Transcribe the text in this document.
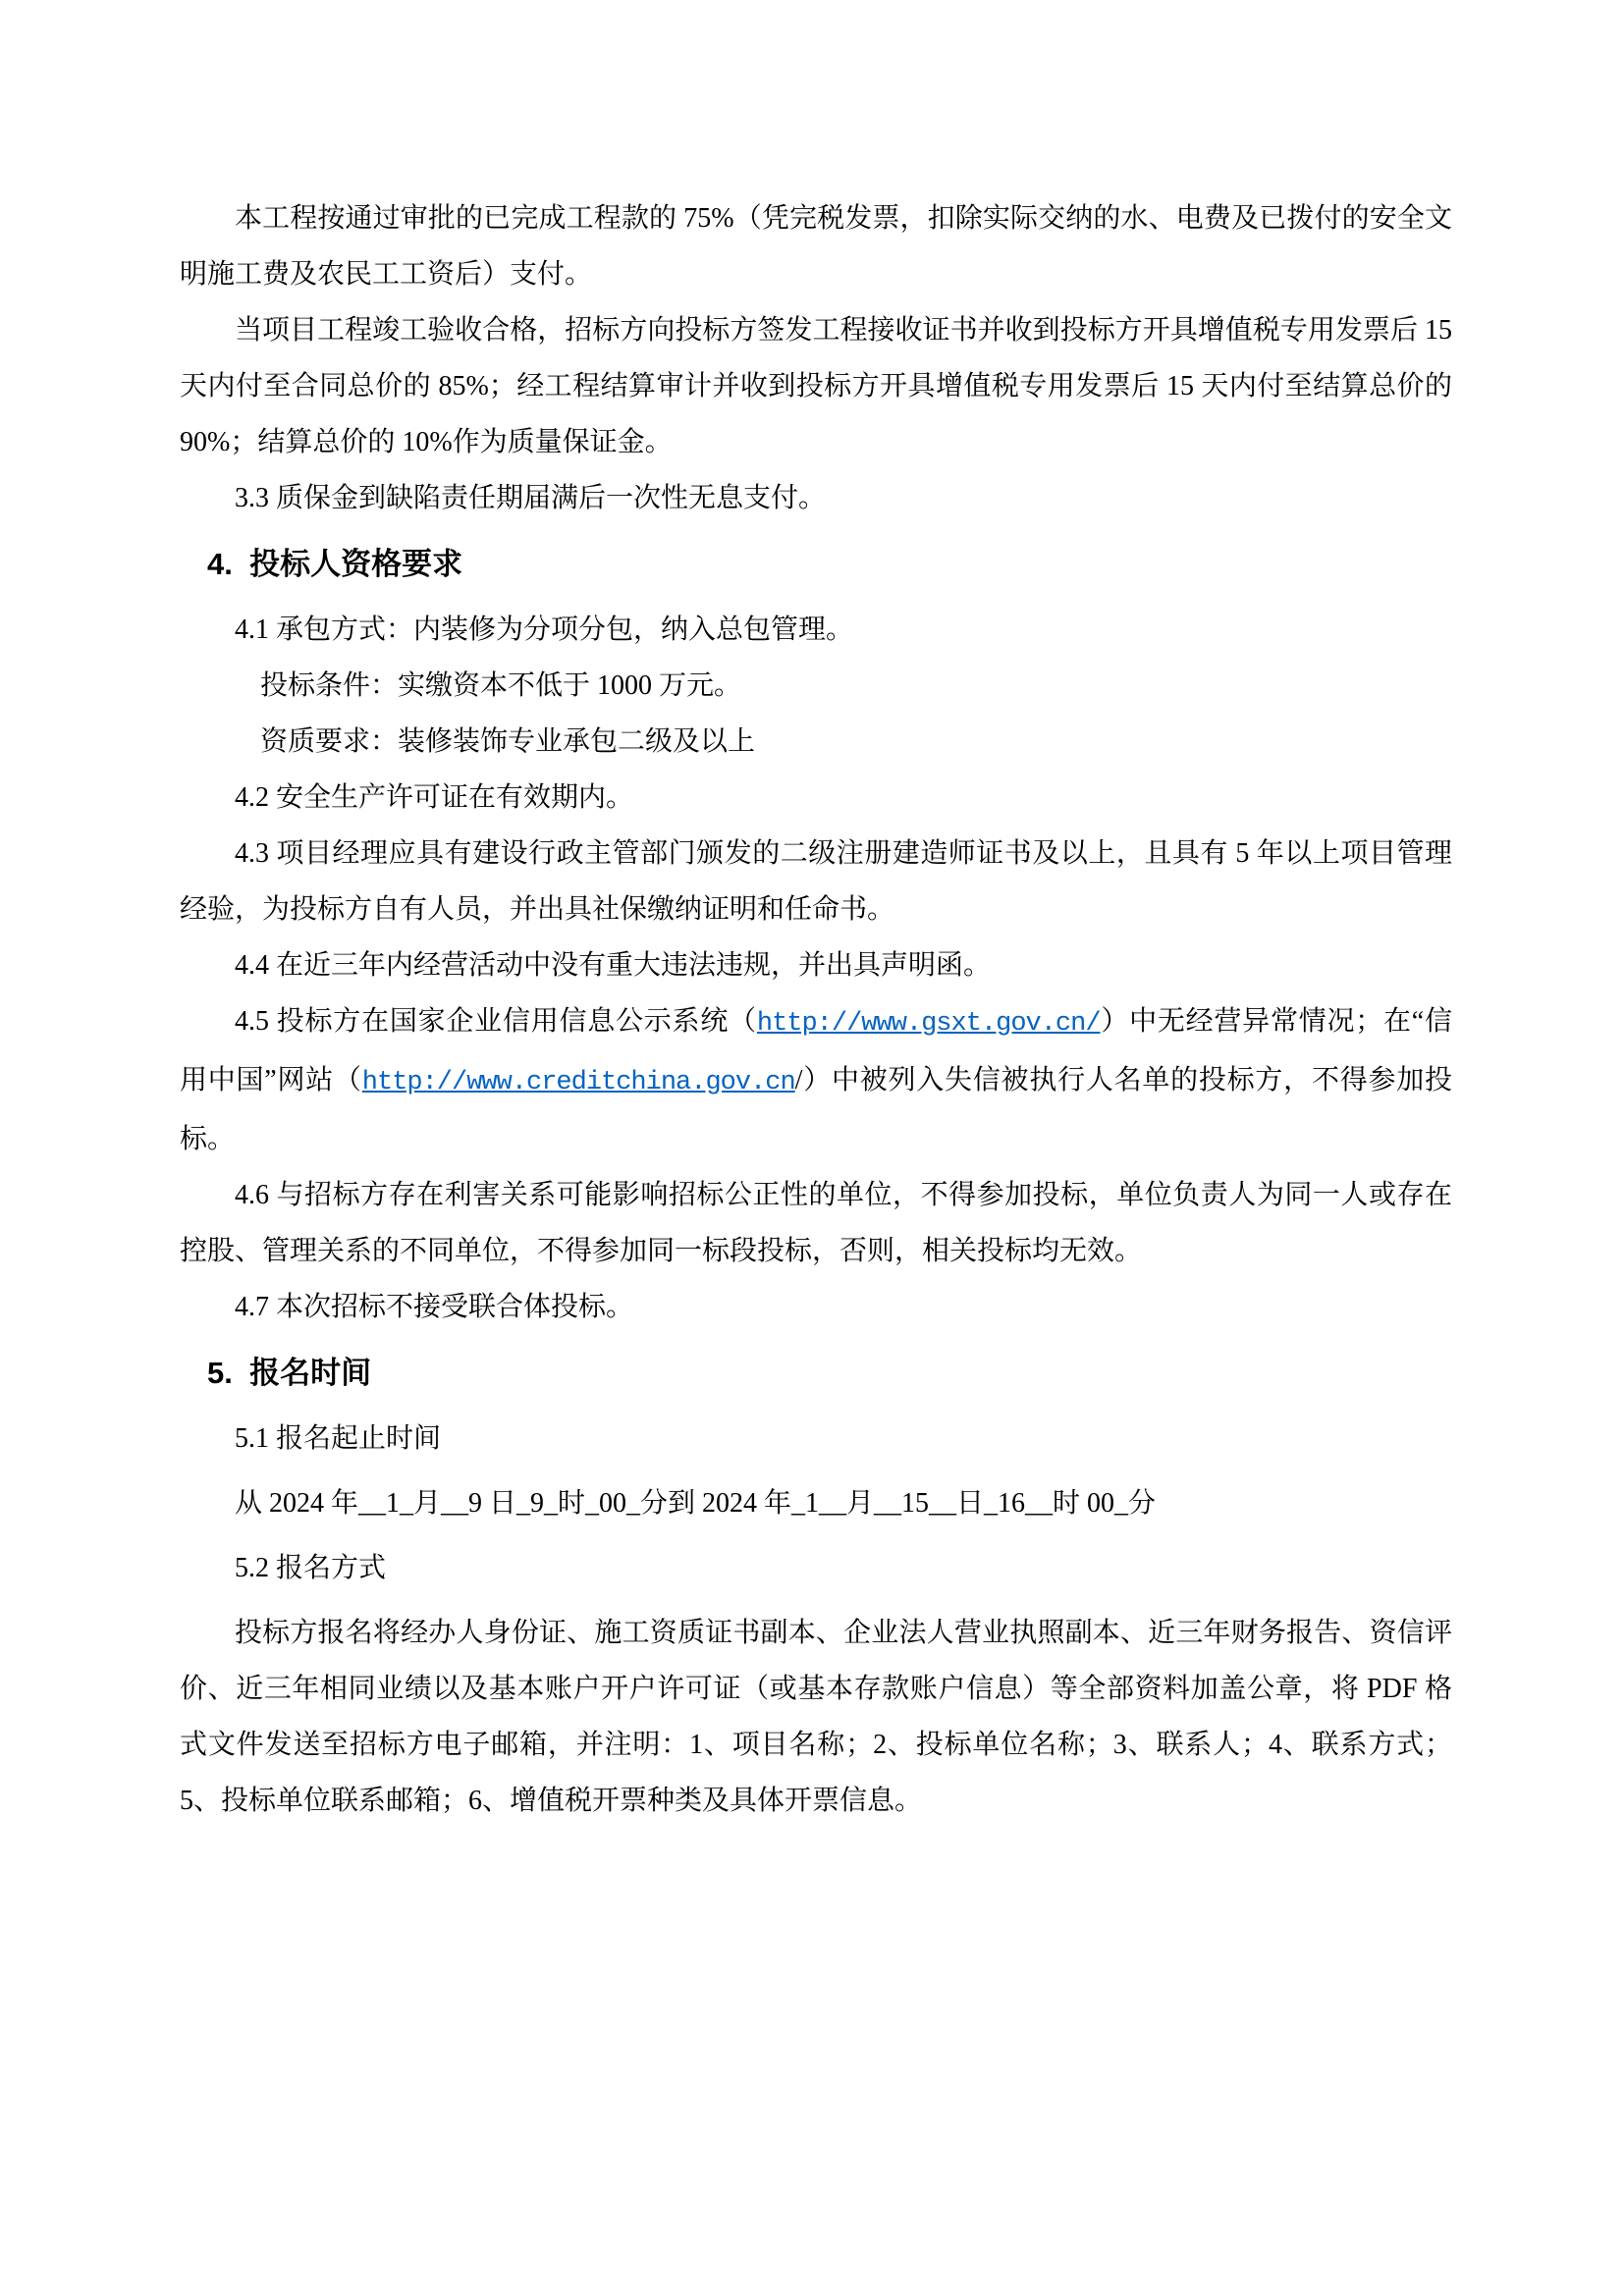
本工程按通过审批的已完成工程款的 75%（凭完税发票，扣除实际交纳的水、电费及已拨付的安全文明施工费及农民工工资后）支付。

当项目工程竣工验收合格，招标方向投标方签发工程接收证书并收到投标方开具增值税专用发票后 15 天内付至合同总价的 85%；经工程结算审计并收到投标方开具增值税专用发票后 15 天内付至结算总价的 90%；结算总价的 10%作为质量保证金。

3.3 质保金到缺陷责任期届满后一次性无息支付。

4.  投标人资格要求

4.1 承包方式：内装修为分项分包，纳入总包管理。

投标条件：实缴资本不低于 1000 万元。

资质要求：装修装饰专业承包二级及以上

4.2 安全生产许可证在有效期内。

4.3 项目经理应具有建设行政主管部门颁发的二级注册建造师证书及以上，且具有 5 年以上项目管理经验，为投标方自有人员，并出具社保缴纳证明和任命书。

4.4 在近三年内经营活动中没有重大违法违规，并出具声明函。

4.5 投标方在国家企业信用信息公示系统（http://www.gsxt.gov.cn/）中无经营异常情况；在“信用中国”网站（http://www.creditchina.gov.cn/）中被列入失信被执行人名单的投标方，不得参加投标。

4.6 与招标方存在利害关系可能影响招标公正性的单位，不得参加投标，单位负责人为同一人或存在控股、管理关系的不同单位，不得参加同一标段投标，否则，相关投标均无效。

4.7 本次招标不接受联合体投标。

5.  报名时间

5.1 报名起止时间

从 2024 年__1_月__9 日_9_时_00_分到 2024 年_1__月__15__日_16__时 00_分

5.2 报名方式

投标方报名将经办人身份证、施工资质证书副本、企业法人营业执照副本、近三年财务报告、资信评价、近三年相同业绩以及基本账户开户许可证（或基本存款账户信息）等全部资料加盖公章，将 PDF 格式文件发送至招标方电子邮箱，并注明：1、项目名称；2、投标单位名称；3、联系人；4、联系方式；5、投标单位联系邮箱；6、增值税开票种类及具体开票信息。
